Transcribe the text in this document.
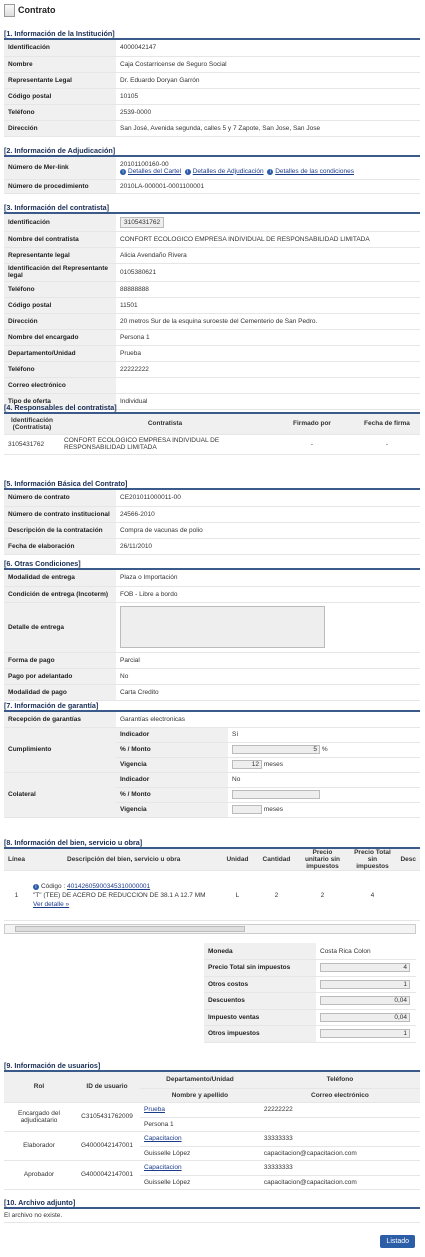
Contrato
[1. Información de la Institución]
Identificación	4000042147
Nombre	Caja Costarricense de Seguro Social
Representante Legal	Dr. Eduardo Doryan Garrón
Código postal	10105
Teléfono	2539-0000
Dirección	San José, Avenida segunda, calles 5 y 7 Zapote, San Jose, San Jose
[2. Información de Adjudicación]
Número de Mer-link	20101100160-00
i Detalles del Cartel i Detalles de Adjudicación i Detalles de las condiciones

Número de procedimiento	2010LA-000001-0001100001
[3. Información del contratista]
Identificación	3105431762
Nombre del contratista	CONFORT ECOLOGICO EMPRESA INDIVIDUAL DE RESPONSABILIDAD LIMITADA
Representante legal	Alicia Avendaño Rivera
Identificación del Representante legal	0105380621
Teléfono	88888888
Código postal	11501
Dirección	20 metros Sur de la esquina suroeste del Cementerio de San Pedro.
Nombre del encargado	Persona 1
Departamento/Unidad	Prueba
Teléfono	22222222
Correo electrónico	
Tipo de oferta	Individual
[4. Responsables del contratista]
Identificación (Contratista)	Contratista	Firmado por	Fecha de firma
3105431762	CONFORT ECOLOGICO EMPRESA INDIVIDUAL DE RESPONSABILIDAD LIMITADA	-	-
[5. Información Básica del Contrato]
Número de contrato	CE201011000011-00
Número de contrato institucional	24566-2010
Descripción de la contratación	Compra de vacunas de polio
Fecha de elaboración	26/11/2010
[6. Otras Condiciones]
Modalidad de entrega	Plaza o Importación
Condición de entrega (Incoterm)	FOB - Libre a bordo
Detalle de entrega	

Forma de pago	Parcial
Pago por adelantado	No
Modalidad de pago	Carta Credito
[7. Información de garantía]
Recepción de garantías	Garantías electronicas	
Cumplimiento	Indicador	Sí
	% / Monto	5 %
	Vigencia	12 meses
Colateral	Indicador	No
	% / Monto	
	Vigencia	meses
[8. Información del bien, servicio u obra]
Línea	Descripción del bien, servicio u obra	Unidad	Cantidad	Precio unitario sin impuestos	Precio Total sin impuestos	Desc
1	i Código : 40142605900345310000001
"T" (TEE) DE ACERO DE REDUCCION DE 38.1 A 12.7 MM
Ver detalle »	L	2	2	4	
Moneda	Costa Rica Colon
Precio Total sin impuestos	4
Otros costos	1
Descuentos	0,04
Impuesto ventas	0,04
Otros impuestos	1
[9. Información de usuarios]
Rol	ID de usuario	Departamento/Unidad	Teléfono
		Nombre y apellido	Correo electrónico
Encargado del adjudicatario	C3105431762009	Prueba	22222222
		Persona 1	
Elaborador	G4000042147001	Capacitacion	33333333
		Guisselle López	capacitacion@capacitacion.com
Aprobador	G4000042147001	Capacitacion	33333333
		Guisselle López	capacitacion@capacitacion.com
[10. Archivo adjunto]
El archivo no existe.
Listado
